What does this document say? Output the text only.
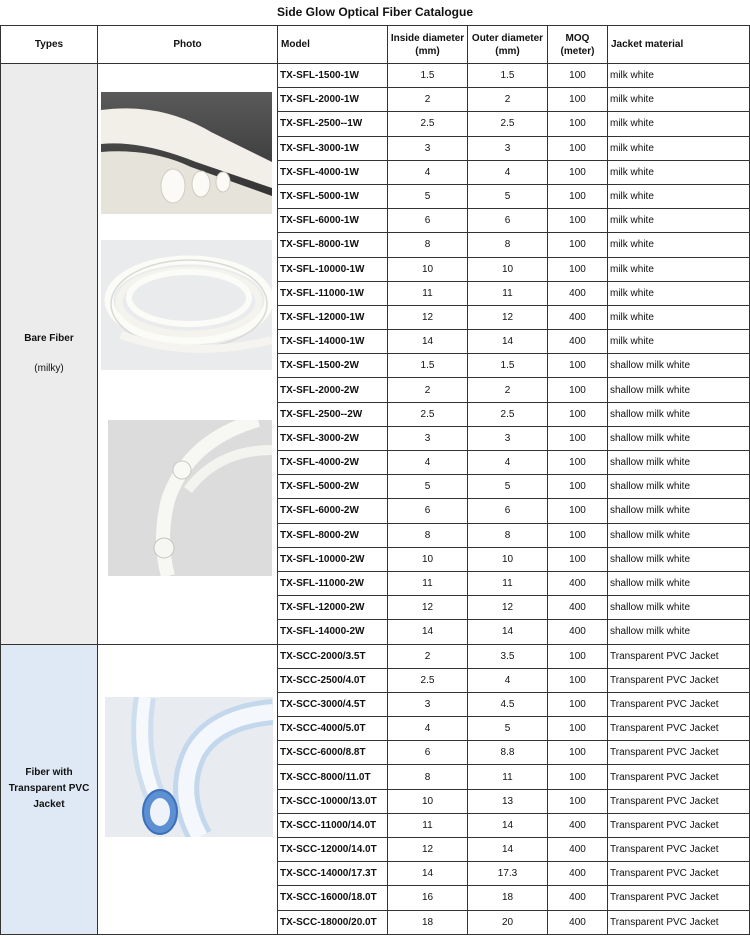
Side Glow Optical Fiber Catalogue
Types	Photo	Model	Inside diameter (mm)	Outer diameter (mm)	MOQ (meter)	Jacket material
Bare Fiber
(milky)		TX-SFL-1500-1W	1.5	1.5	100	milk white
		TX-SFL-2000-1W	2	2	100	milk white
		TX-SFL-2500--1W	2.5	2.5	100	milk white
		TX-SFL-3000-1W	3	3	100	milk white
		TX-SFL-4000-1W	4	4	100	milk white
		TX-SFL-5000-1W	5	5	100	milk white
		TX-SFL-6000-1W	6	6	100	milk white
		TX-SFL-8000-1W	8	8	100	milk white
		TX-SFL-10000-1W	10	10	100	milk white
		TX-SFL-11000-1W	11	11	400	milk white
		TX-SFL-12000-1W	12	12	400	milk white
		TX-SFL-14000-1W	14	14	400	milk white
		TX-SFL-1500-2W	1.5	1.5	100	shallow milk white
		TX-SFL-2000-2W	2	2	100	shallow milk white
		TX-SFL-2500--2W	2.5	2.5	100	shallow milk white
		TX-SFL-3000-2W	3	3	100	shallow milk white
		TX-SFL-4000-2W	4	4	100	shallow milk white
		TX-SFL-5000-2W	5	5	100	shallow milk white
		TX-SFL-6000-2W	6	6	100	shallow milk white
		TX-SFL-8000-2W	8	8	100	shallow milk white
		TX-SFL-10000-2W	10	10	100	shallow milk white
		TX-SFL-11000-2W	11	11	400	shallow milk white
		TX-SFL-12000-2W	12	12	400	shallow milk white
		TX-SFL-14000-2W	14	14	400	shallow milk white
Fiber with Transparent PVC Jacket		TX-SCC-2000/3.5T	2	3.5	100	Transparent PVC Jacket
		TX-SCC-2500/4.0T	2.5	4	100	Transparent PVC Jacket
		TX-SCC-3000/4.5T	3	4.5	100	Transparent PVC Jacket
		TX-SCC-4000/5.0T	4	5	100	Transparent PVC Jacket
		TX-SCC-6000/8.8T	6	8.8	100	Transparent PVC Jacket
		TX-SCC-8000/11.0T	8	11	100	Transparent PVC Jacket
		TX-SCC-10000/13.0T	10	13	100	Transparent PVC Jacket
		TX-SCC-11000/14.0T	11	14	400	Transparent PVC Jacket
		TX-SCC-12000/14.0T	12	14	400	Transparent PVC Jacket
		TX-SCC-14000/17.3T	14	17.3	400	Transparent PVC Jacket
		TX-SCC-16000/18.0T	16	18	400	Transparent PVC Jacket
		TX-SCC-18000/20.0T	18	20	400	Transparent PVC Jacket
